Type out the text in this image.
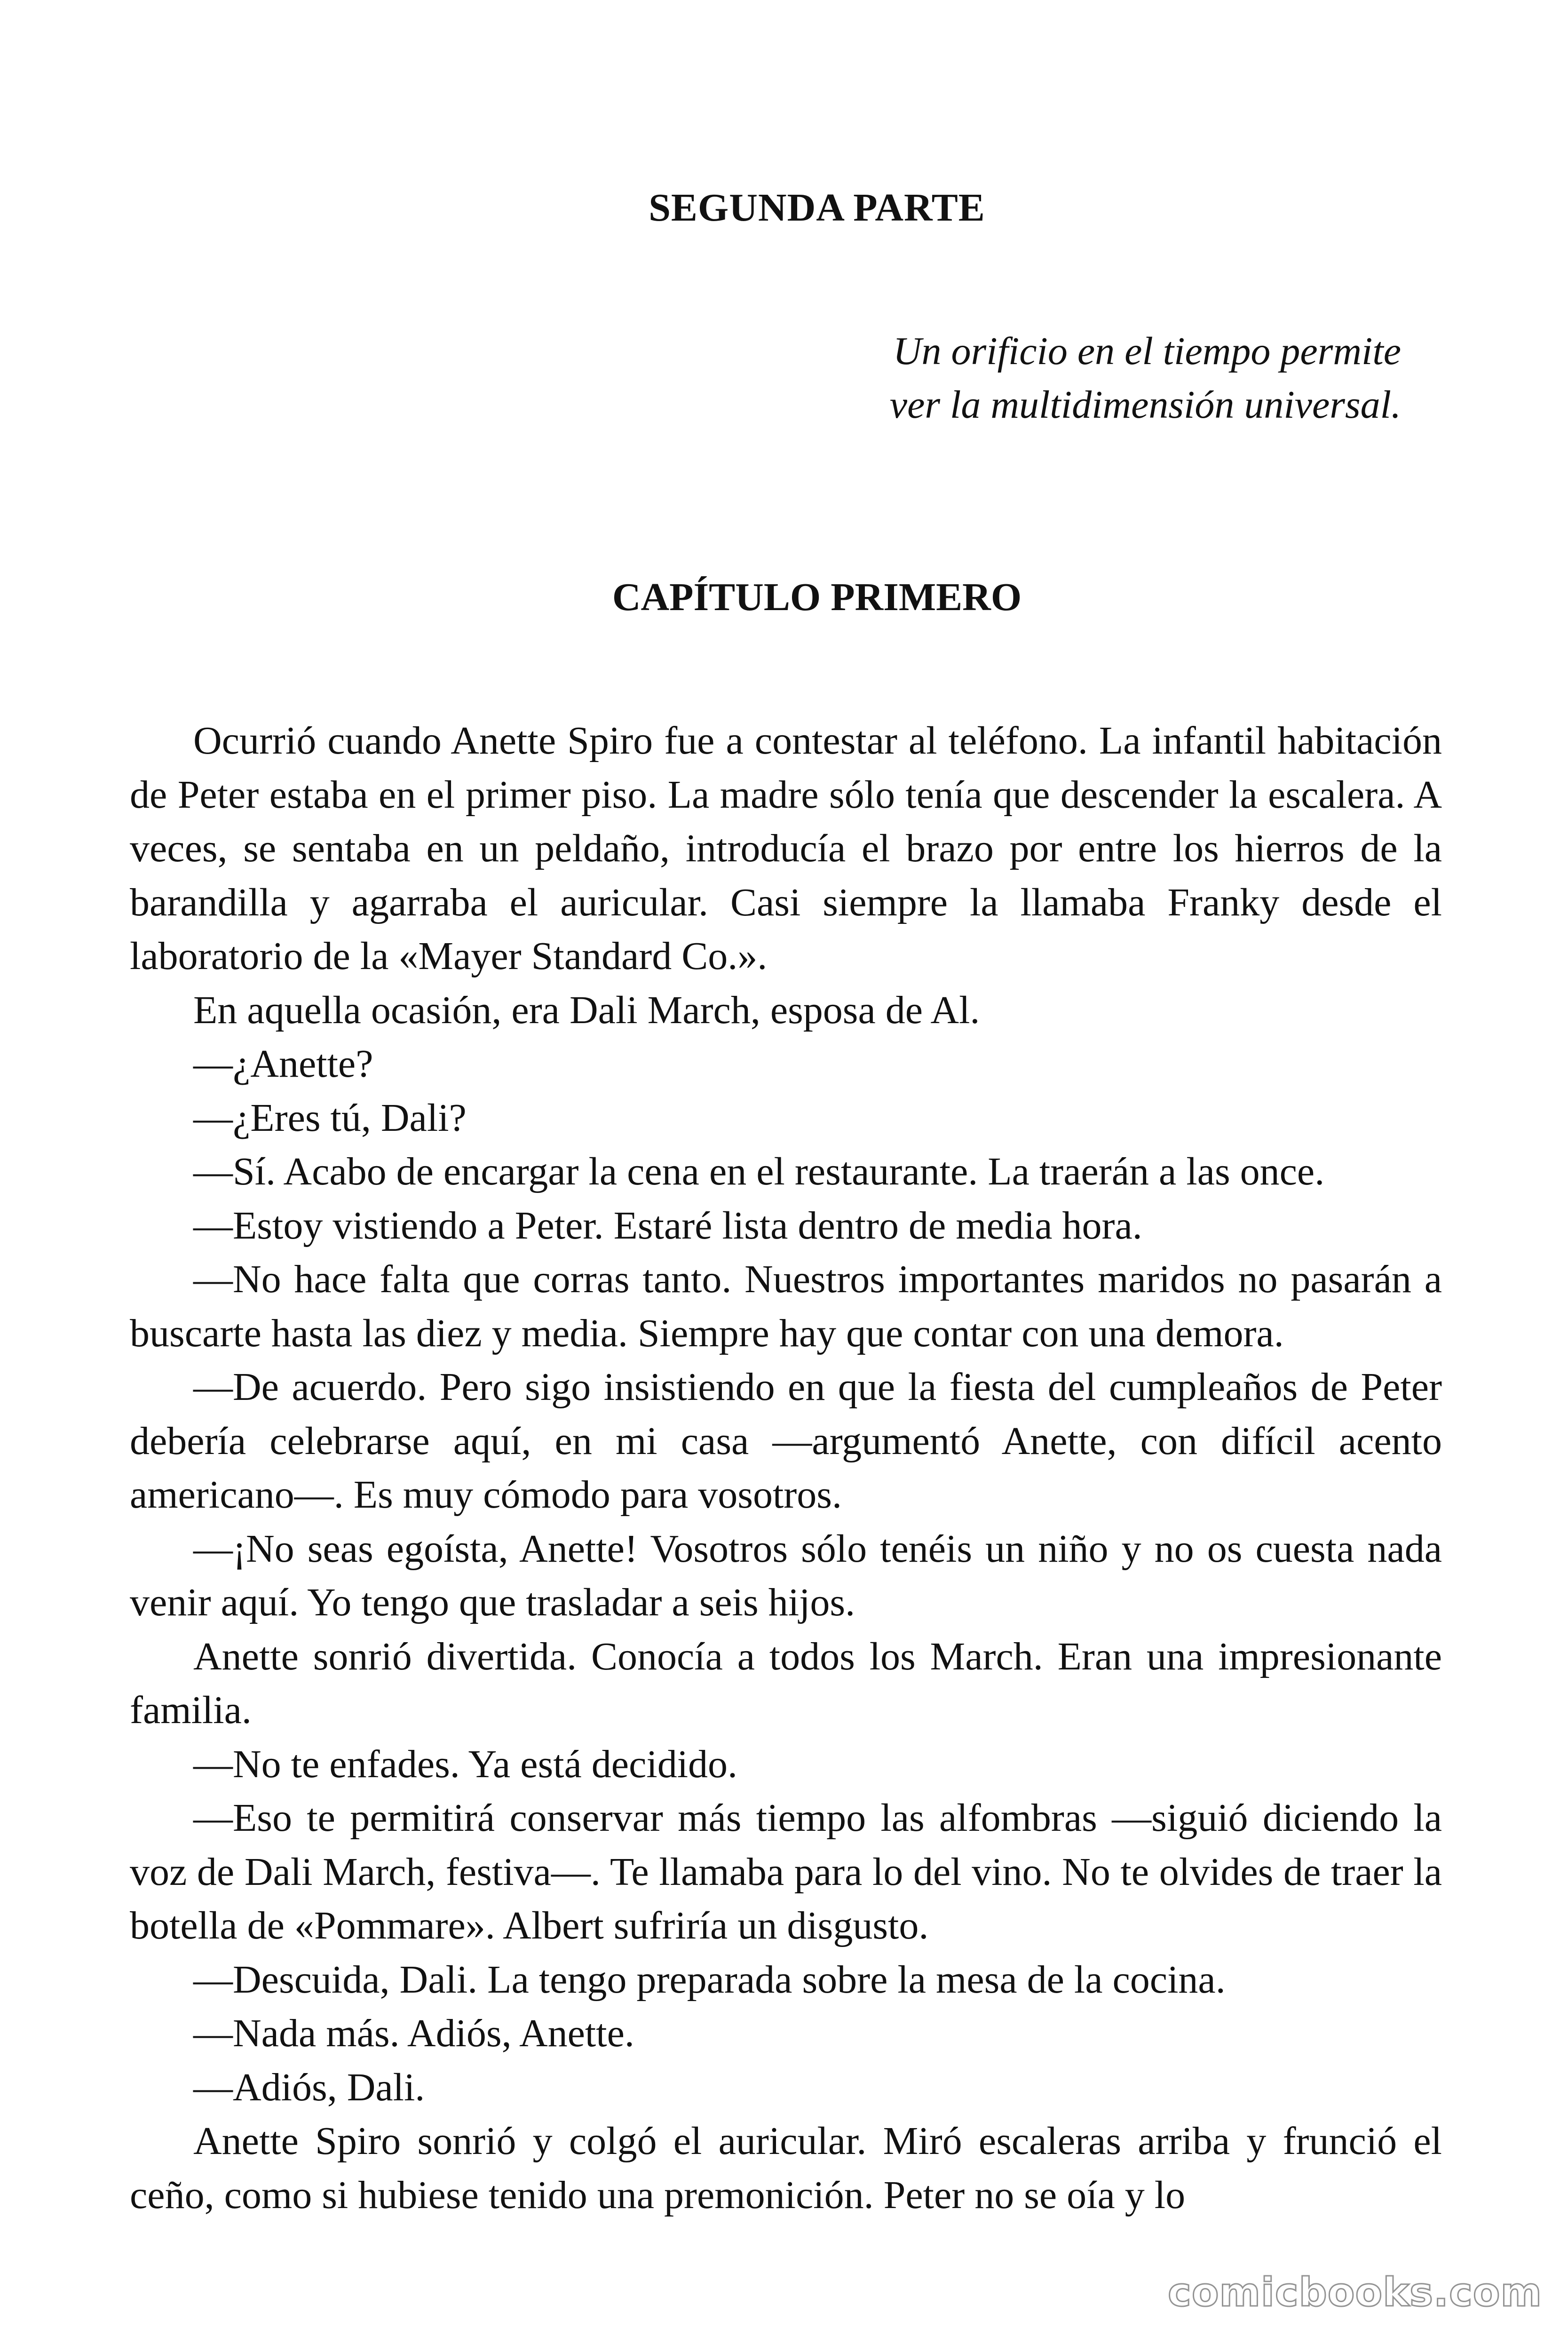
SEGUNDA PARTE
Un orificio en el tiempo permite
ver la multidimensión universal.
CAPÍTULO PRIMERO

Ocurrió cuando Anette Spiro fue a contestar al teléfono. La infantil habitación de Peter estaba en el primer piso. La madre sólo tenía que descender la escalera. A veces, se sentaba en un peldaño, introducía el brazo por entre los hierros de la barandilla y agarraba el auricular. Casi siempre la llamaba Franky desde el laboratorio de la «Mayer Standard Co.».

En aquella ocasión, era Dali March, esposa de Al.

—¿Anette?

—¿Eres tú, Dali?

—Sí. Acabo de encargar la cena en el restaurante. La traerán a las once.

—Estoy vistiendo a Peter. Estaré lista dentro de media hora.

—No hace falta que corras tanto. Nuestros importantes maridos no pasarán a buscarte hasta las diez y media. Siempre hay que contar con una demora.

—De acuerdo. Pero sigo insistiendo en que la fiesta del cumpleaños de Peter debería celebrarse aquí, en mi casa —argumentó Anette, con difícil acento americano—. Es muy cómodo para vosotros.

—¡No seas egoísta, Anette! Vosotros sólo tenéis un niño y no os cuesta nada venir aquí. Yo tengo que trasladar a seis hijos.

Anette sonrió divertida. Conocía a todos los March. Eran una impresionante familia.

—No te enfades. Ya está decidido.

—Eso te permitirá conservar más tiempo las alfombras —siguió diciendo la voz de Dali March, festiva—. Te llamaba para lo del vino. No te olvides de traer la botella de «Pommare». Albert sufriría un disgusto.

—Descuida, Dali. La tengo preparada sobre la mesa de la cocina.

—Nada más. Adiós, Anette.

—Adiós, Dali.

Anette Spiro sonrió y colgó el auricular. Miró escaleras arriba y frunció el ceño, como si hubiese tenido una premonición. Peter no se oía y lo

comicbooks.com
